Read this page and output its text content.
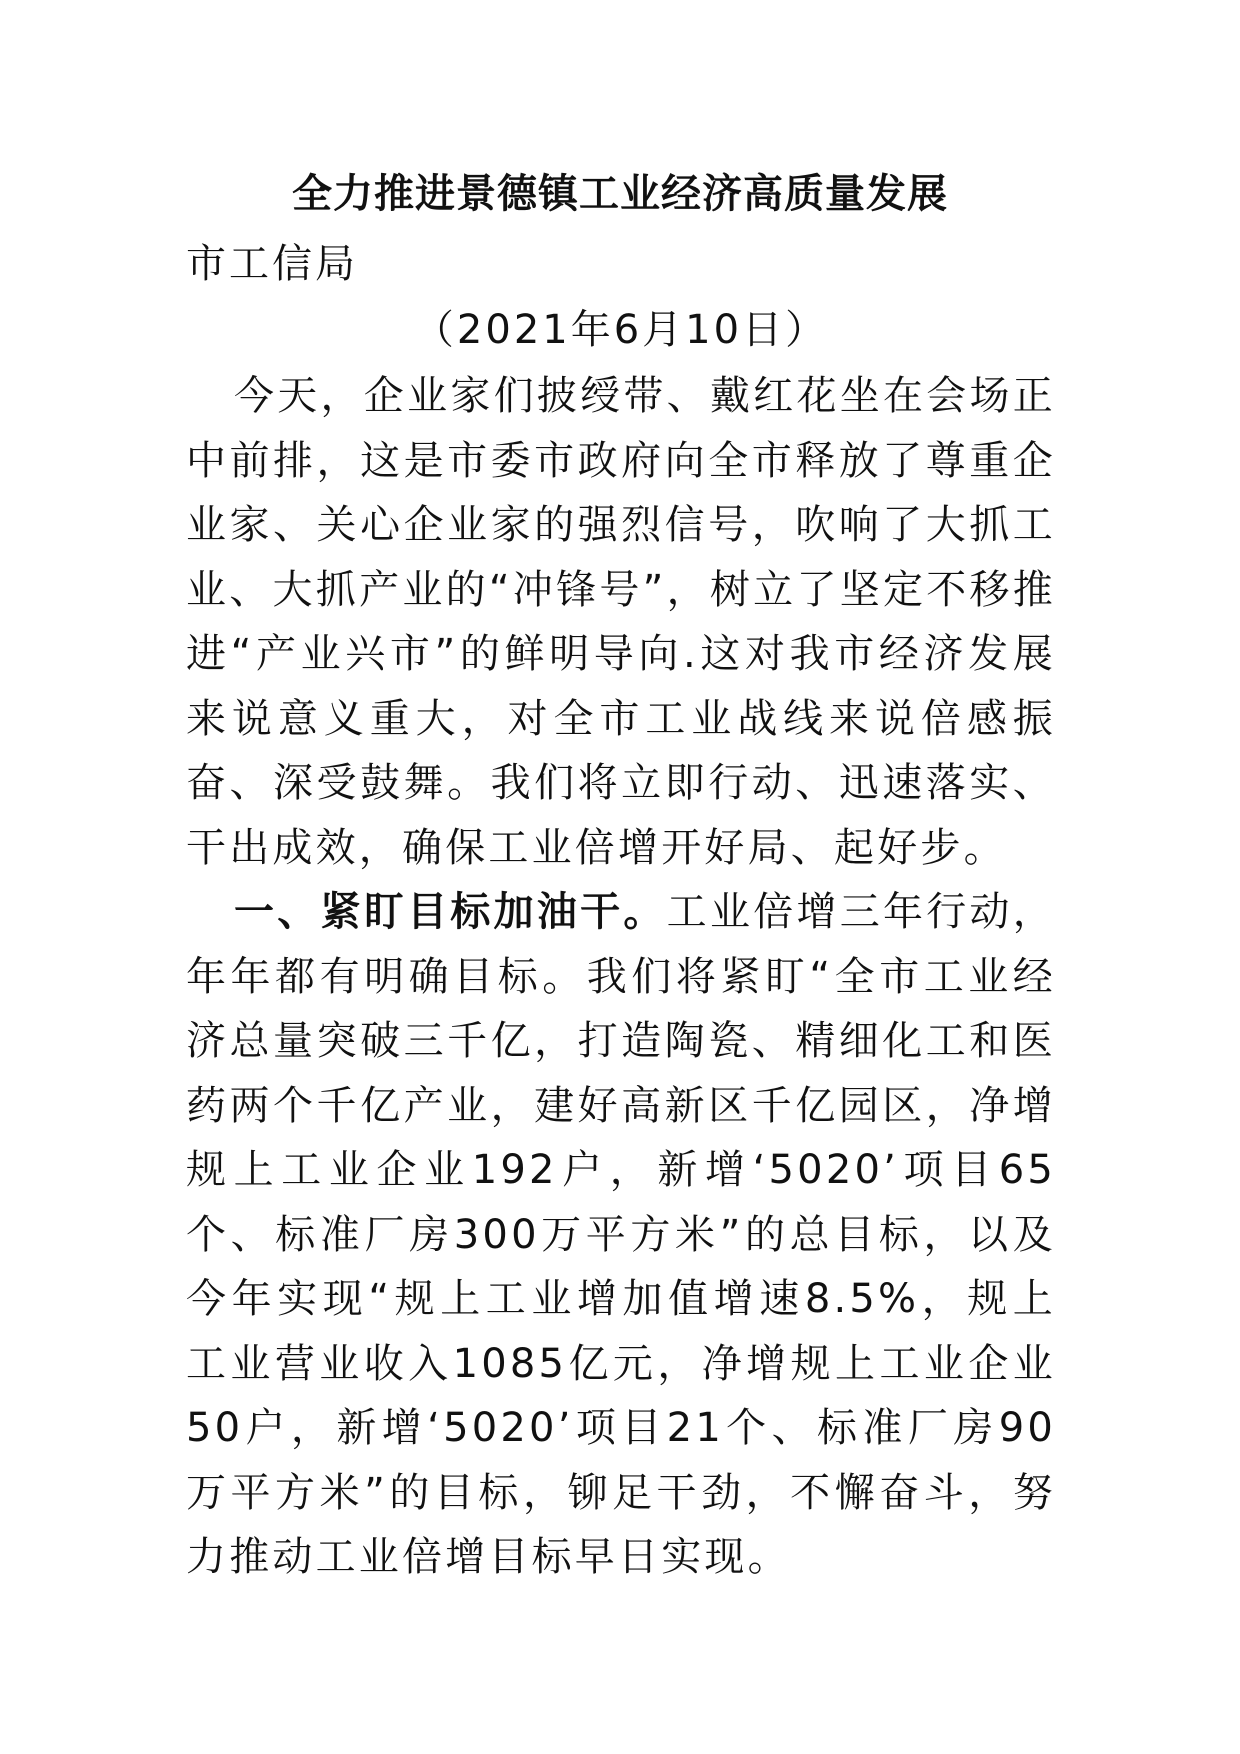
全力推进景德镇工业经济高质量发展

市工信局

（2021年6月10日）

今天，企业家们披绶带、戴红花坐在会场正中前排，这是市委市政府向全市释放了尊重企业家、关心企业家的强烈信号，吹响了大抓工业、大抓产业的“冲锋号”，树立了坚定不移推进“产业兴市”的鲜明导向.这对我市经济发展来说意义重大，对全市工业战线来说倍感振奋、深受鼓舞。我们将立即行动、迅速落实、干出成效，确保工业倍增开好局、起好步。

一、紧盯目标加油干。工业倍增三年行动，年年都有明确目标。我们将紧盯“全市工业经济总量突破三千亿，打造陶瓷、精细化工和医药两个千亿产业，建好高新区千亿园区，净增规上工业企业192户，新增‘5020’项目65个、标准厂房300万平方米”的总目标，以及今年实现“规上工业增加值增速8.5%，规上工业营业收入1085亿元，净增规上工业企业50户，新增‘5020’项目21个、标准厂房90万平方米”的目标，铆足干劲，不懈奋斗，努力推动工业倍增目标早日实现。
